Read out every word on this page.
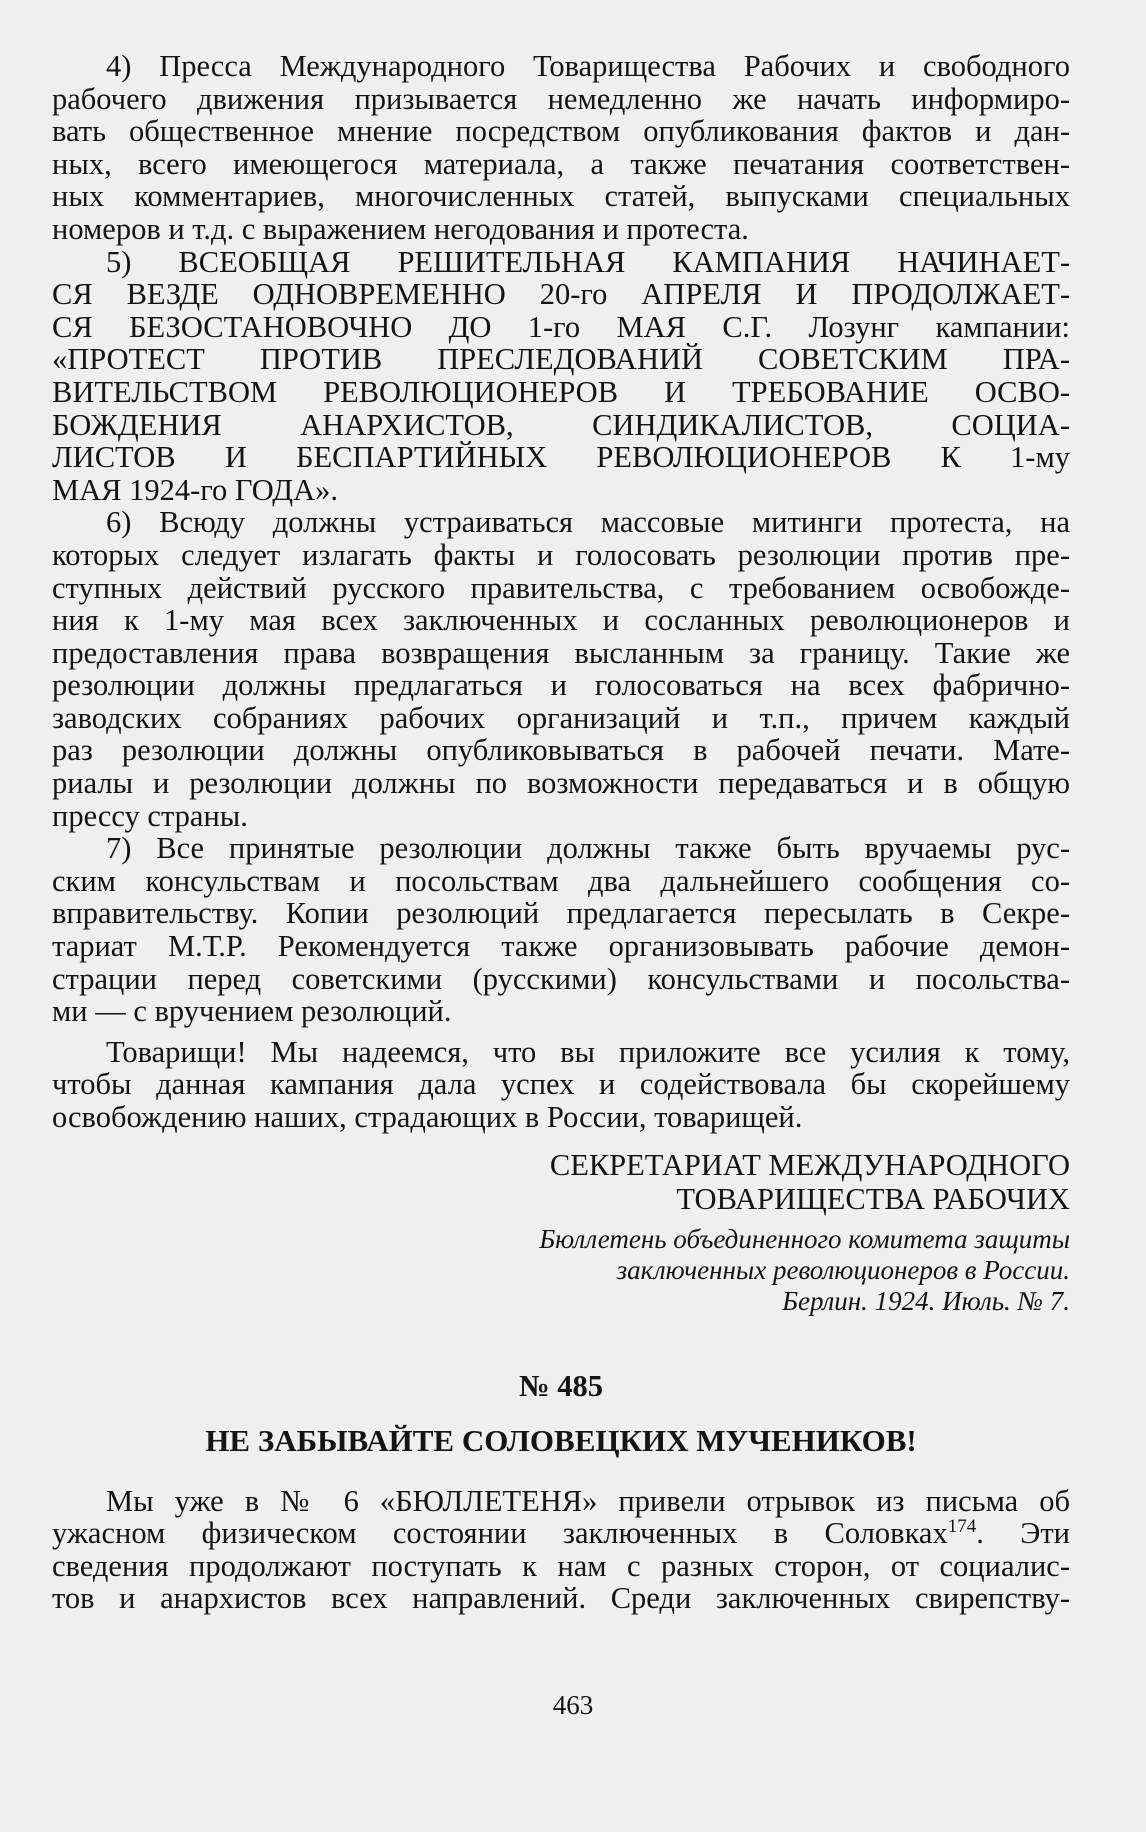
4) Пресса Международного Товарищества Рабочих и свободного
рабочего движения призывается немедленно же начать информиро-
вать общественное мнение посредством опубликования фактов и дан-
ных, всего имеющегося материала, а также печатания соответствен-
ных комментариев, многочисленных статей, выпусками специальных
номеров и т.д. с выражением негодования и протеста.
5) ВСЕОБЩАЯ РЕШИТЕЛЬНАЯ КАМПАНИЯ НАЧИНАЕТ-
СЯ ВЕЗДЕ ОДНОВРЕМЕННО 20-го АПРЕЛЯ И ПРОДОЛЖАЕТ-
СЯ БЕЗОСТАНОВОЧНО ДО 1-го МАЯ С.Г. Лозунг кампании:
«ПРОТЕСТ ПРОТИВ ПРЕСЛЕДОВАНИЙ СОВЕТСКИМ ПРА-
ВИТЕЛЬСТВОМ РЕВОЛЮЦИОНЕРОВ И ТРЕБОВАНИЕ ОСВО-
БОЖДЕНИЯ АНАРХИСТОВ, СИНДИКАЛИСТОВ, СОЦИА-
ЛИСТОВ И БЕСПАРТИЙНЫХ РЕВОЛЮЦИОНЕРОВ К 1-му
МАЯ 1924-го ГОДА».
6) Всюду должны устраиваться массовые митинги протеста, на
которых следует излагать факты и голосовать резолюции против пре-
ступных действий русского правительства, с требованием освобожде-
ния к 1-му мая всех заключенных и сосланных революционеров и
предоставления права возвращения высланным за границу. Такие же
резолюции должны предлагаться и голосоваться на всех фабрично-
заводских собраниях рабочих организаций и т.п., причем каждый
раз резолюции должны опубликовываться в рабочей печати. Мате-
риалы и резолюции должны по возможности передаваться и в общую
прессу страны.
7) Все принятые резолюции должны также быть вручаемы рус-
ским консульствам и посольствам два дальнейшего сообщения со-
вправительству. Копии резолюций предлагается пересылать в Секре-
тариат М.Т.Р. Рекомендуется также организовывать рабочие демон-
страции перед советскими (русскими) консульствами и посольства-
ми — с вручением резолюций.
Товарищи! Мы надеемся, что вы приложите все усилия к тому,
чтобы данная кампания дала успех и содействовала бы скорейшему
освобождению наших, страдающих в России, товарищей.
СЕКРЕТАРИАТ МЕЖДУНАРОДНОГО
ТОВАРИЩЕСТВА РАБОЧИХ
Бюллетень объединенного комитета защиты
заключенных революционеров в России.
Берлин. 1924. Июль. № 7.
№ 485
НЕ ЗАБЫВАЙТЕ СОЛОВЕЦКИХ МУЧЕНИКОВ!
Мы уже в № 6 «БЮЛЛЕТЕНЯ» привели отрывок из письма об
ужасном физическом состоянии заключенных в Соловках$^{174}$. Эти
сведения продолжают поступать к нам с разных сторон, от социалис-
тов и анархистов всех направлений. Среди заключенных свирепству-
463
